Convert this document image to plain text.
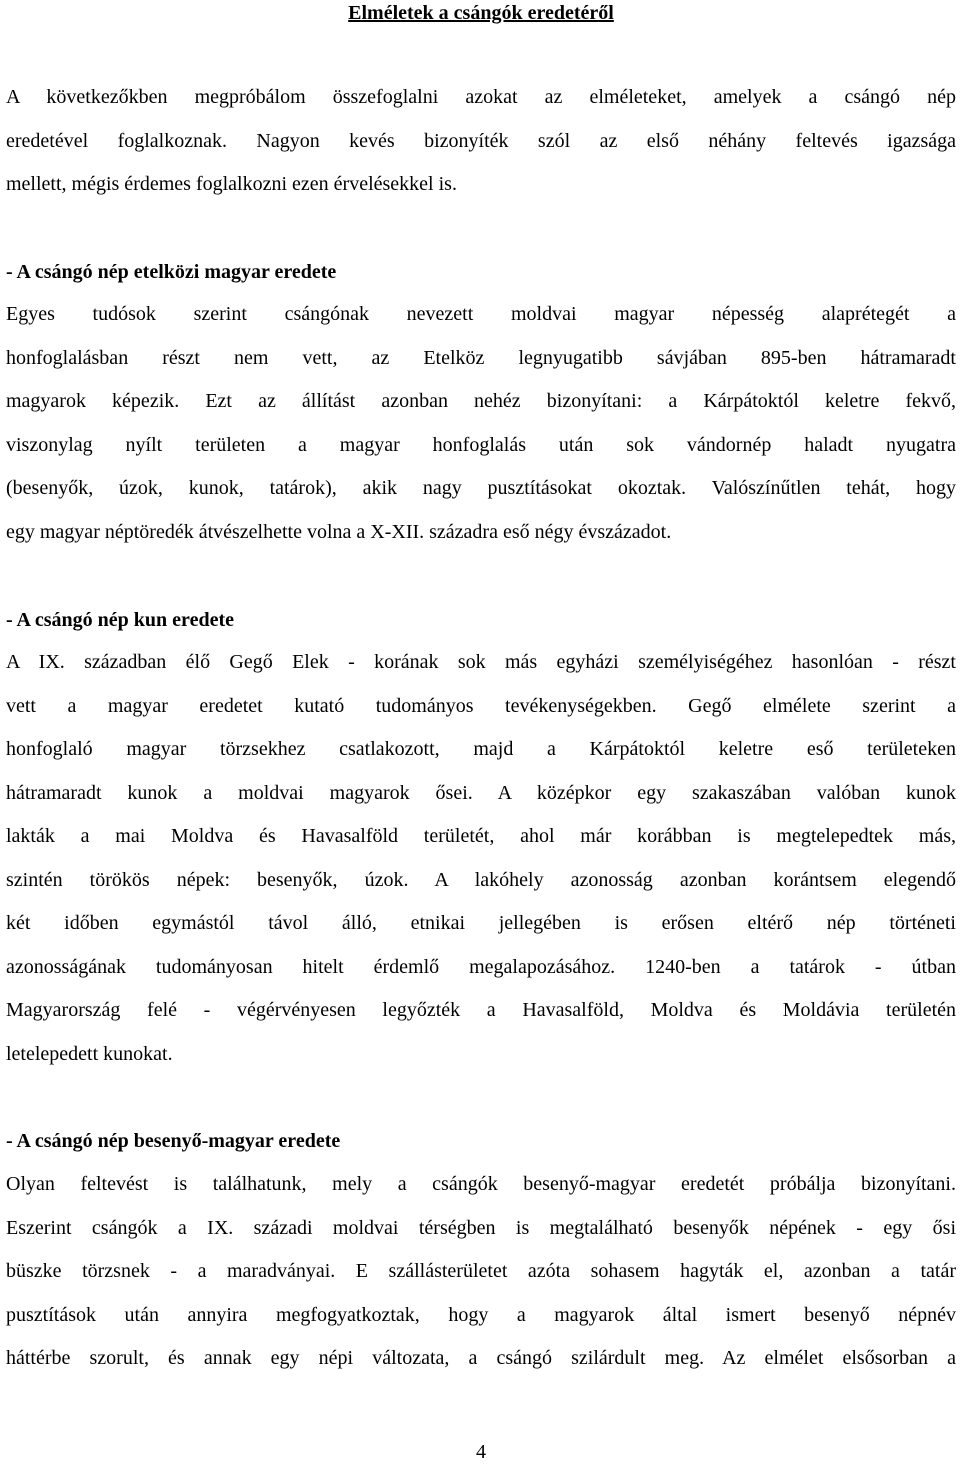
Elméletek a csángók eredetéről
A következőkben megpróbálom összefoglalni azokat az elméleteket, amelyek a csángó nép
eredetével foglalkoznak. Nagyon kevés bizonyíték szól az első néhány feltevés igazsága
mellett, mégis érdemes foglalkozni ezen érvelésekkel is.
- A csángó nép etelközi magyar eredete
Egyes tudósok szerint csángónak nevezett moldvai magyar népesség alaprétegét a
honfoglalásban részt nem vett, az Etelköz legnyugatibb sávjában 895-ben hátramaradt
magyarok képezik. Ezt az állítást azonban nehéz bizonyítani: a Kárpátoktól keletre fekvő,
viszonylag nyílt területen a magyar honfoglalás után sok vándornép haladt nyugatra
(besenyők, úzok, kunok, tatárok), akik nagy pusztításokat okoztak. Valószínűtlen tehát, hogy
egy magyar néptöredék átvészelhette volna a X-XII. századra eső négy évszázadot.
- A csángó nép kun eredete
A IX. században élő Gegő Elek - korának sok más egyházi személyiségéhez hasonlóan - részt
vett a magyar eredetet kutató tudományos tevékenységekben. Gegő elmélete szerint a
honfoglaló magyar törzsekhez csatlakozott, majd a Kárpátoktól keletre eső területeken
hátramaradt kunok a moldvai magyarok ősei. A középkor egy szakaszában valóban kunok
lakták a mai Moldva és Havasalföld területét, ahol már korábban is megtelepedtek más,
szintén törökös népek: besenyők, úzok. A lakóhely azonosság azonban korántsem elegendő
két időben egymástól távol álló, etnikai jellegében is erősen eltérő nép történeti
azonosságának tudományosan hitelt érdemlő megalapozásához. 1240-ben a tatárok - útban
Magyarország felé - végérvényesen legyőzték a Havasalföld, Moldva és Moldávia területén
letelepedett kunokat.
- A csángó nép besenyő-magyar eredete
Olyan feltevést is találhatunk, mely a csángók besenyő-magyar eredetét próbálja bizonyítani.
Eszerint csángók a IX. századi moldvai térségben is megtalálható besenyők népének - egy ősi
büszke törzsnek - a maradványai. E szállásterületet azóta sohasem hagyták el, azonban a tatár
pusztítások után annyira megfogyatkoztak, hogy a magyarok által ismert besenyő népnév
háttérbe szorult, és annak egy népi változata, a csángó szilárdult meg. Az elmélet elsősorban a
4
